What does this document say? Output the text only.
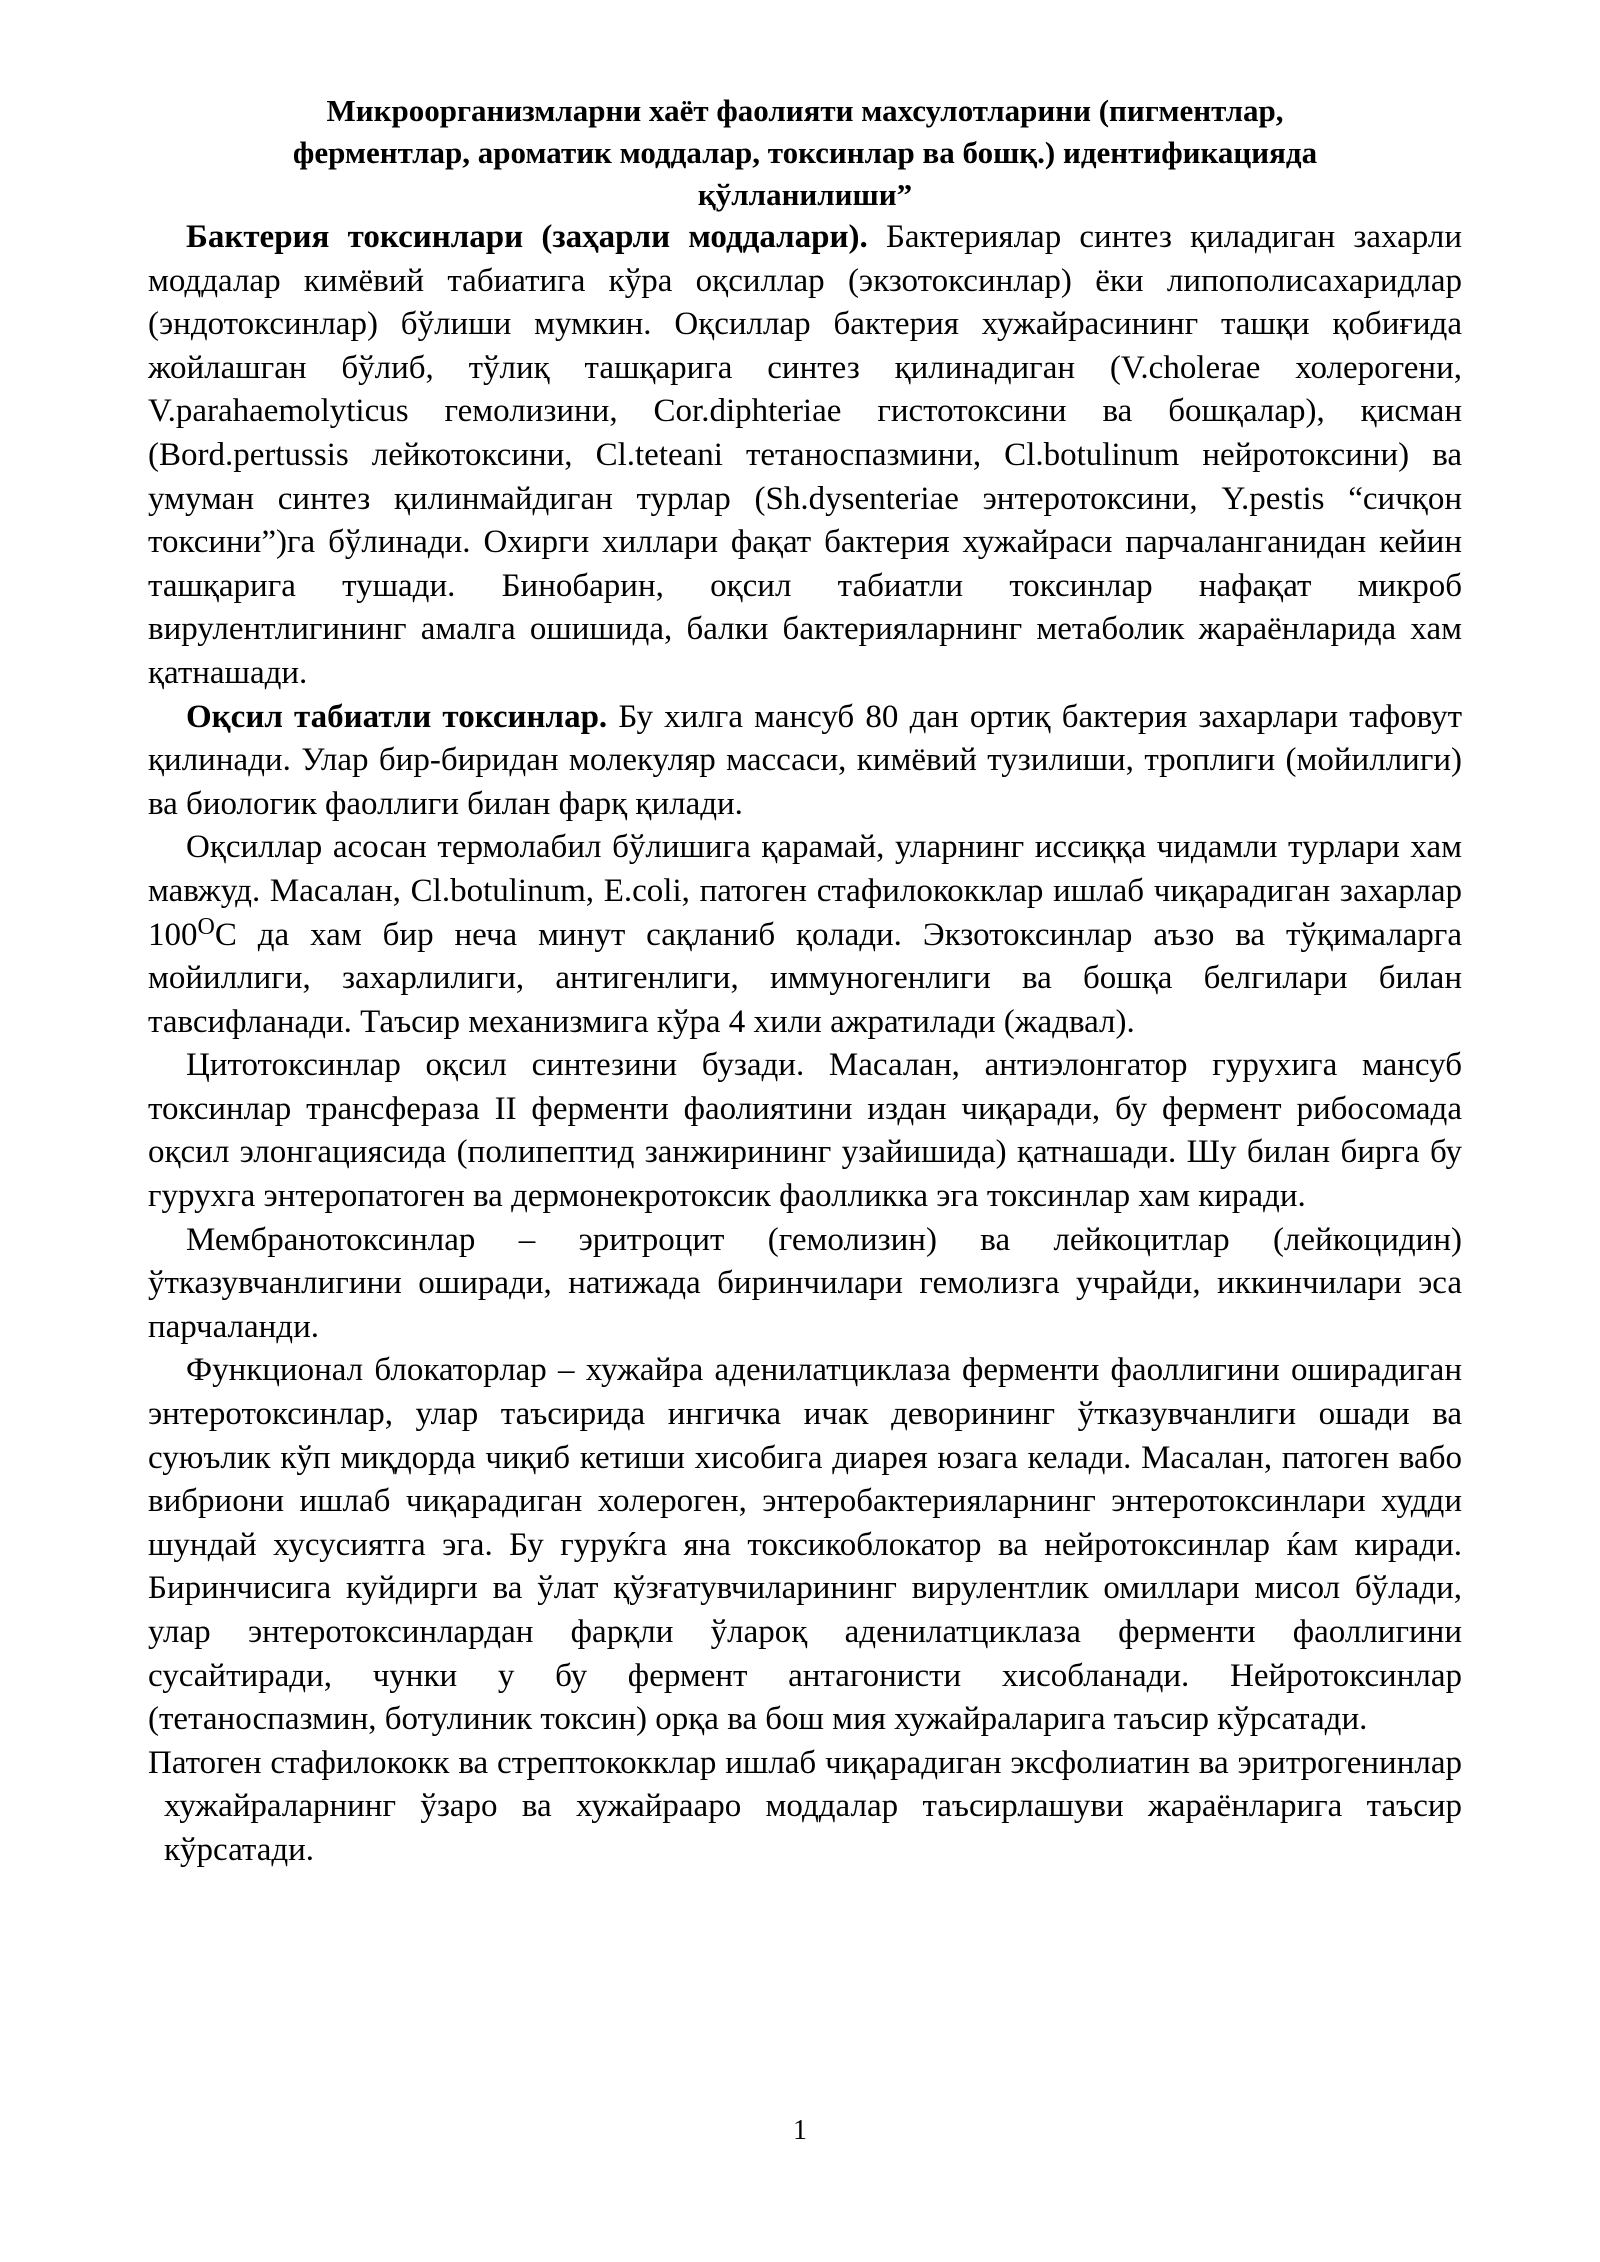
Микроорганизмларни хаёт фаолияти махсулотларини (пигментлар,
ферментлар, ароматик моддалар, токсинлар ва бошқ.) идентификацияда
қўлланилиши”

Бактерия токсинлари (заҳарли моддалари). Бактериялар синтез қиладиган захарли моддалар кимёвий табиатига кўра оқсиллар (экзотоксинлар) ёки липополисахаридлар (эндотоксинлар) бўлиши мумкин. Оқсиллар бактерия хужайрасининг ташқи қобиғида жойлашган бўлиб, тўлиқ ташқарига синтез қилинадиган (V.cholerae холерогени, V.parahaemolyticus гемолизини, Cor.diphteriae гистотоксини ва бошқалар), қисман (Bord.pertussis лейкотоксини, Cl.teteani тетаноспазмини, Cl.botulinum нейротоксини) ва умуман синтез қилинмайдиган турлар (Sh.dysenteriae энтеротоксини, Y.pestis “сичқон токсини”)га бўлинади. Охирги хиллари фақат бактерия хужайраси парчаланганидан кейин ташқарига тушади. Бинобарин, оқсил табиатли токсинлар нафақат микроб вирулентлигининг амалга ошишида, балки бактерияларнинг метаболик жараёнларида хам қатнашади.

Оқсил табиатли токсинлар. Бу хилга мансуб 80 дан ортиқ бактерия захарлари тафовут қилинади. Улар бир-биридан молекуляр массаси, кимёвий тузилиши, троплиги (мойиллиги) ва биологик фаоллиги билан фарқ қилади.

Оқсиллар асосан термолабил бўлишига қарамай, уларнинг иссиққа чидамли турлари хам мавжуд. Масалан, Cl.botulinum, E.coli, патоген стафилококклар ишлаб чиқарадиган захарлар $100^ОС$ да хам бир неча минут сақланиб қолади. Экзотоксинлар аъзо ва тўқималарга мойиллиги, захарлилиги, антигенлиги, иммуногенлиги ва бошқа белгилари билан тавсифланади. Таъсир механизмига кўра 4 хили ажратилади (жадвал).

Цитотоксинлар оқсил синтезини бузади. Масалан, антиэлонгатор гурухига мансуб токсинлар трансфераза II ферменти фаолиятини издан чиқаради, бу фермент рибосомада оқсил элонгациясида (полипептид занжирининг узайишида) қатнашади. Шу билан бирга бу гурухга энтеропатоген ва дермонекротоксик фаолликка эга токсинлар хам киради.

Мембранотоксинлар – эритроцит (гемолизин) ва лейкоцитлар (лейкоцидин) ўтказувчанлигини оширади, натижада биринчилари гемолизга учрайди, иккинчилари эса парчаланди.

Функционал блокаторлар – хужайра аденилатциклаза ферменти фаоллигини оширадиган энтеротоксинлар, улар таъсирида ингичка ичак деворининг ўтказувчанлиги ошади ва суюълик кўп миқдорда чиқиб кетиши хисобига диарея юзага келади. Масалан, патоген вабо вибриони ишлаб чиқарадиган холероген, энтеробактерияларнинг энтеротоксинлари худди шундай хусусиятга эга. Бу гуруќга яна токсикоблокатор ва нейротоксинлар ќам киради. Биринчисига куйдирги ва ўлат қўзғатувчиларининг вирулентлик омиллари мисол бўлади, улар энтеротоксинлардан фарқли ўлароқ аденилатциклаза ферменти фаоллигини сусайтиради, чунки у бу фермент антагонисти хисобланади. Нейротоксинлар (тетаноспазмин, ботулиник токсин) орқа ва бош мия хужайраларига таъсир кўрсатади.

Патоген стафилококк ва стрептококклар ишлаб чиқарадиган эксфолиатин ва эритрогенинлар хужайраларнинг ўзаро ва хужайрааро моддалар таъсирлашуви жараёнларига таъсир кўрсатади.

1
